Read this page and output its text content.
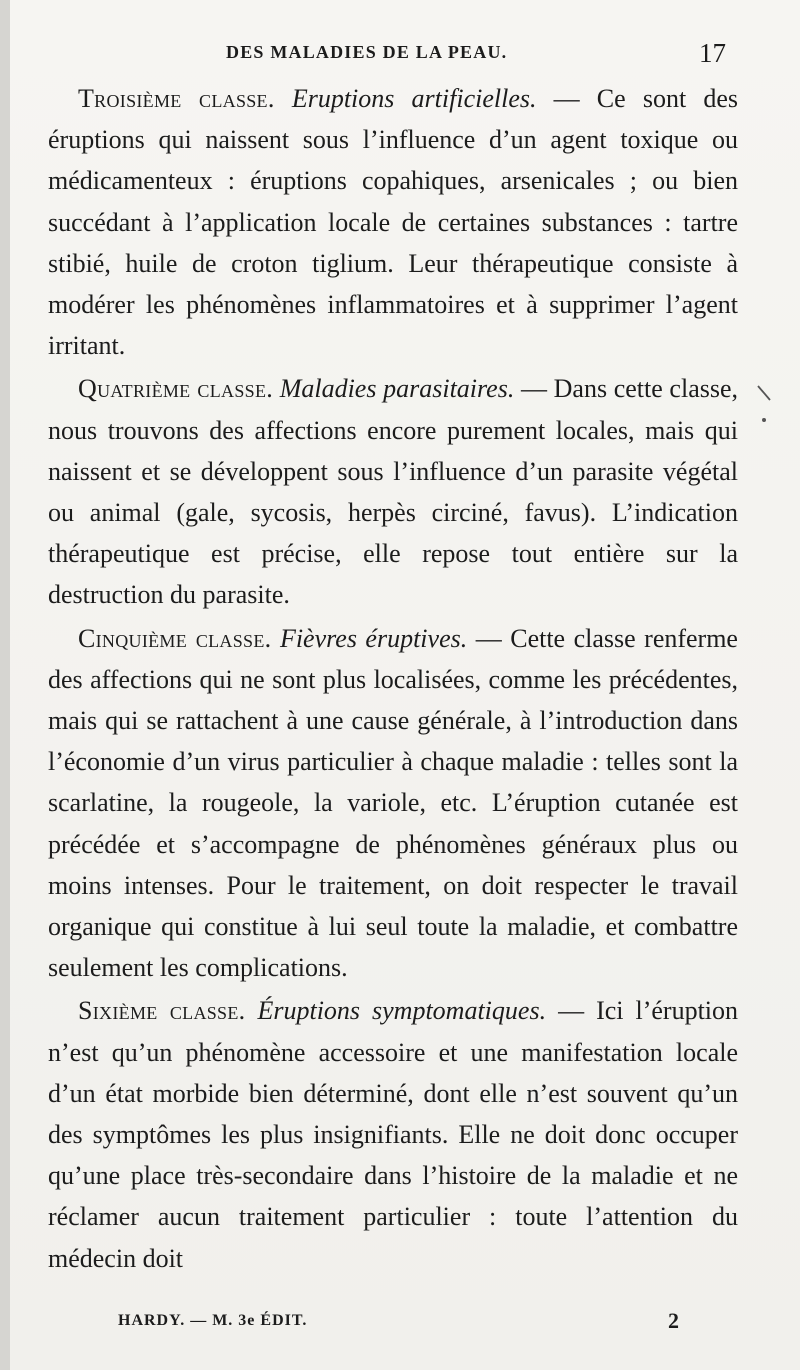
DES MALADIES DE LA PEAU.	17

Troisième classe. Eruptions artificielles. — Ce sont des éruptions qui naissent sous l’influence d’un agent toxique ou médicamenteux : éruptions copahiques, arsenicales ; ou bien succédant à l’application locale de certaines substances : tartre stibié, huile de croton tiglium. Leur thérapeutique consiste à modérer les phénomènes inflammatoires et à supprimer l’agent irritant.

Quatrième classe. Maladies parasitaires. — Dans cette classe, nous trouvons des affections encore purement locales, mais qui naissent et se développent sous l’influence d’un parasite végétal ou animal (gale, sycosis, herpès circiné, favus). L’indication thérapeutique est précise, elle repose tout entière sur la destruction du parasite.

Cinquième classe. Fièvres éruptives. — Cette classe renferme des affections qui ne sont plus localisées, comme les précédentes, mais qui se rattachent à une cause générale, à l’introduction dans l’économie d’un virus particulier à chaque maladie : telles sont la scarlatine, la rougeole, la variole, etc. L’éruption cutanée est précédée et s’accompagne de phénomènes généraux plus ou moins intenses. Pour le traitement, on doit respecter le travail organique qui constitue à lui seul toute la maladie, et combattre seulement les complications.

Sixième classe. Éruptions symptomatiques. — Ici l’éruption n’est qu’un phénomène accessoire et une manifestation locale d’un état morbide bien déterminé, dont elle n’est souvent qu’un des symptômes les plus insignifiants. Elle ne doit donc occuper qu’une place très-secondaire dans l’histoire de la maladie et ne réclamer aucun traitement particulier : toute l’attention du médecin doit

HARDY. — M. 3e ÉDIT.	2
